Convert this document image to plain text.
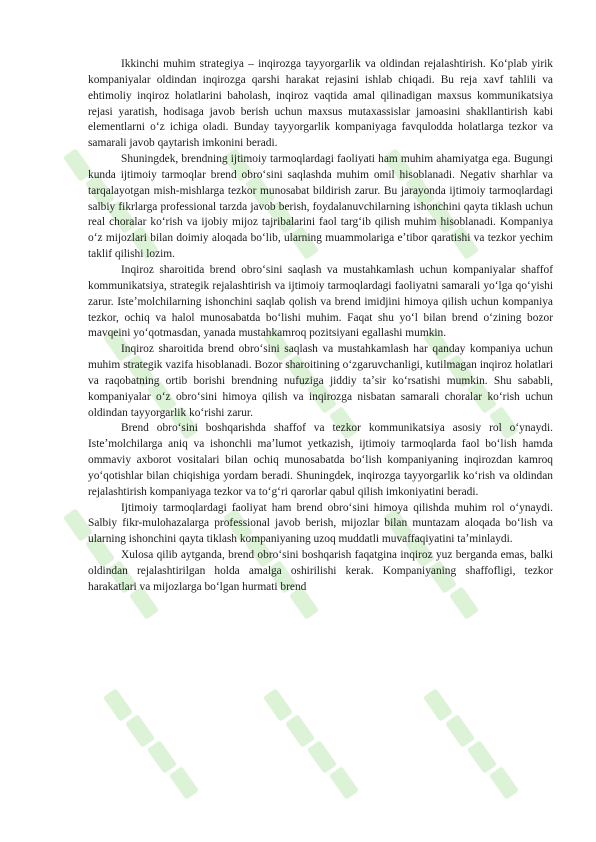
Ikkinchi muhim strategiya – inqirozga tayyorgarlik va oldindan rejalashtirish. Koʻplab yirik kompaniyalar oldindan inqirozga qarshi harakat rejasini ishlab chiqadi. Bu reja xavf tahlili va ehtimoliy inqiroz holatlarini baholash, inqiroz vaqtida amal qilinadigan maxsus kommunikatsiya rejasi yaratish, hodisaga javob berish uchun maxsus mutaxassislar jamoasini shakllantirish kabi elementlarni oʻz ichiga oladi. Bunday tayyorgarlik kompaniyaga favqulodda holatlarga tezkor va samarali javob qaytarish imkonini beradi.

Shuningdek, brendning ijtimoiy tarmoqlardagi faoliyati ham muhim ahamiyatga ega. Bugungi kunda ijtimoiy tarmoqlar brend obroʻsini saqlashda muhim omil hisoblanadi. Negativ sharhlar va tarqalayotgan mish-mishlarga tezkor munosabat bildirish zarur. Bu jarayonda ijtimoiy tarmoqlardagi salbiy fikrlarga professional tarzda javob berish, foydalanuvchilarning ishonchini qayta tiklash uchun real choralar koʻrish va ijobiy mijoz tajribalarini faol targʻib qilish muhim hisoblanadi. Kompaniya oʻz mijozlari bilan doimiy aloqada boʻlib, ularning muammolariga eʼtibor qaratishi va tezkor yechim taklif qilishi lozim.

Inqiroz sharoitida brend obroʻsini saqlash va mustahkamlash uchun kompaniyalar shaffof kommunikatsiya, strategik rejalashtirish va ijtimoiy tarmoqlardagi faoliyatni samarali yoʻlga qoʻyishi zarur. Isteʼmolchilarning ishonchini saqlab qolish va brend imidjini himoya qilish uchun kompaniya tezkor, ochiq va halol munosabatda boʻlishi muhim. Faqat shu yoʻl bilan brend oʻzining bozor mavqeini yoʻqotmasdan, yanada mustahkamroq pozitsiyani egallashi mumkin.

Inqiroz sharoitida brend obroʻsini saqlash va mustahkamlash har qanday kompaniya uchun muhim strategik vazifa hisoblanadi. Bozor sharoitining oʻzgaruvchanligi, kutilmagan inqiroz holatlari va raqobatning ortib borishi brendning nufuziga jiddiy taʼsir koʻrsatishi mumkin. Shu sababli, kompaniyalar oʻz obroʻsini himoya qilish va inqirozga nisbatan samarali choralar koʻrish uchun oldindan tayyorgarlik koʻrishi zarur.

Brend obroʻsini boshqarishda shaffof va tezkor kommunikatsiya asosiy rol oʻynaydi. Isteʼmolchilarga aniq va ishonchli maʼlumot yetkazish, ijtimoiy tarmoqlarda faol boʻlish hamda ommaviy axborot vositalari bilan ochiq munosabatda boʻlish kompaniyaning inqirozdan kamroq yoʻqotishlar bilan chiqishiga yordam beradi. Shuningdek, inqirozga tayyorgarlik koʻrish va oldindan rejalashtirish kompaniyaga tezkor va toʻgʻri qarorlar qabul qilish imkoniyatini beradi.

Ijtimoiy tarmoqlardagi faoliyat ham brend obroʻsini himoya qilishda muhim rol oʻynaydi. Salbiy fikr-mulohazalarga professional javob berish, mijozlar bilan muntazam aloqada boʻlish va ularning ishonchini qayta tiklash kompaniyaning uzoq muddatli muvaffaqiyatini taʼminlaydi.

Xulosa qilib aytganda, brend obroʻsini boshqarish faqatgina inqiroz yuz berganda emas, balki oldindan rejalashtirilgan holda amalga oshirilishi kerak. Kompaniyaning shaffofligi, tezkor harakatlari va mijozlarga boʻlgan hurmati brend
